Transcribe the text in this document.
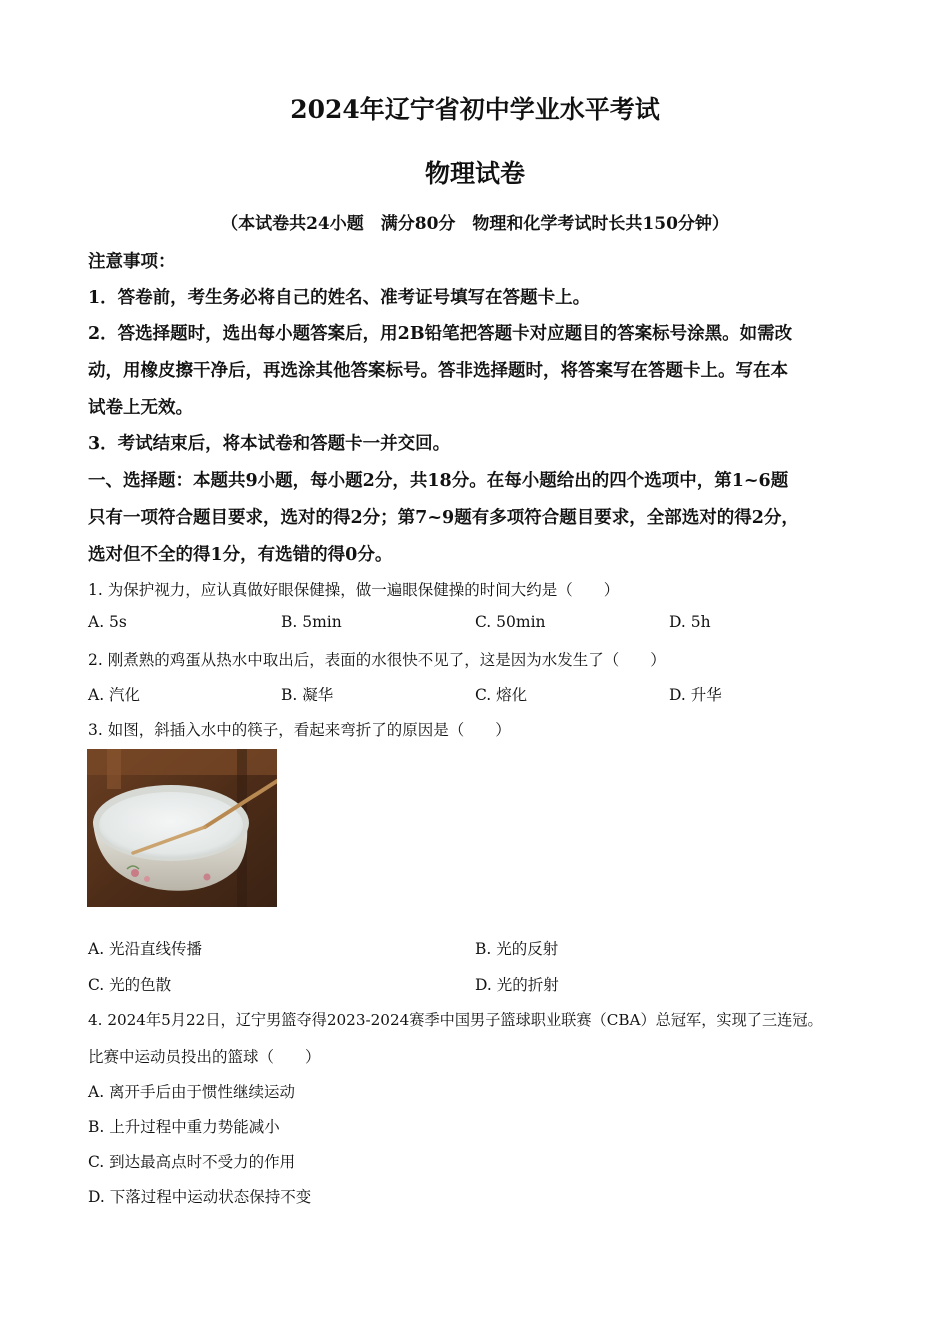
2024年辽宁省初中学业水平考试
物理试卷
（本试卷共24小题　满分80分　物理和化学考试时长共150分钟）
注意事项：
1．答卷前，考生务必将自己的姓名、准考证号填写在答题卡上。
2．答选择题时，选出每小题答案后，用2B铅笔把答题卡对应题目的答案标号涂黑。如需改
动，用橡皮擦干净后，再选涂其他答案标号。答非选择题时，将答案写在答题卡上。写在本
试卷上无效。
3．考试结束后，将本试卷和答题卡一并交回。
一、选择题：本题共9小题，每小题2分，共18分。在每小题给出的四个选项中，第1~6题
只有一项符合题目要求，选对的得2分；第7~9题有多项符合题目要求，全部选对的得2分，
选对但不全的得1分，有选错的得0分。
1. 为保护视力，应认真做好眼保健操，做一遍眼保健操的时间大约是（　　）
A. 5s	B. 5min	C. 50min	D. 5h
2. 刚煮熟的鸡蛋从热水中取出后，表面的水很快不见了，这是因为水发生了（　　）
A. 汽化	B. 凝华	C. 熔化	D. 升华
3. 如图，斜插入水中的筷子，看起来弯折了的原因是（　　）
A. 光沿直线传播	B. 光的反射
C. 光的色散	D. 光的折射
4. 2024年5月22日，辽宁男篮夺得2023-2024赛季中国男子篮球职业联赛（CBA）总冠军，实现了三连冠。
比赛中运动员投出的篮球（　　）
A. 离开手后由于惯性继续运动
B. 上升过程中重力势能减小
C. 到达最高点时不受力的作用
D. 下落过程中运动状态保持不变
